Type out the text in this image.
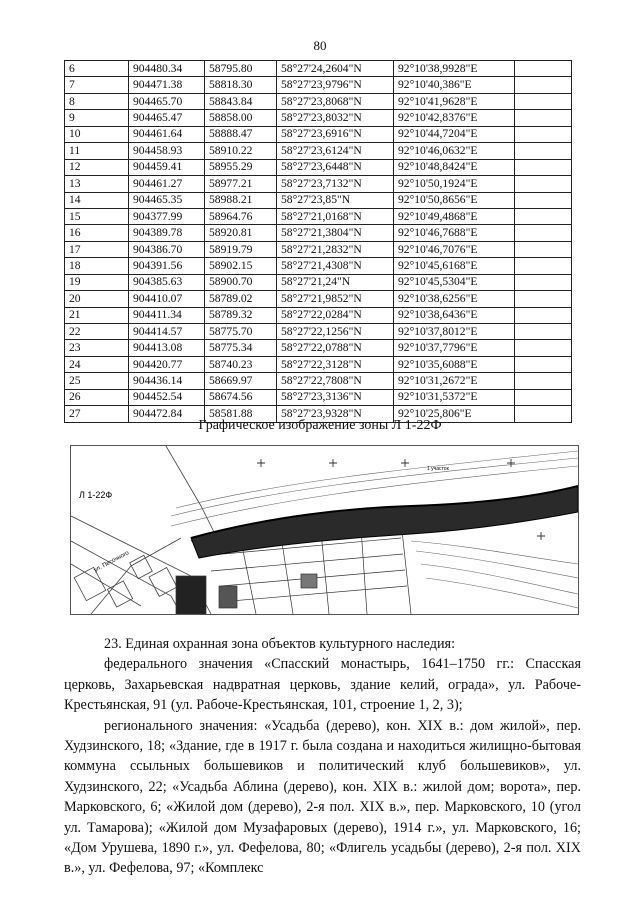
80
6	904480.34	58795.80	58°27'24,2604"N	92°10'38,9928"E	
7	904471.38	58818.30	58°27'23,9796"N	92°10'40,386"E	
8	904465.70	58843.84	58°27'23,8068"N	92°10'41,9628"E	
9	904465.47	58858.00	58°27'23,8032"N	92°10'42,8376"E	
10	904461.64	58888.47	58°27'23,6916"N	92°10'44,7204"E	
11	904458.93	58910.22	58°27'23,6124"N	92°10'46,0632"E	
12	904459.41	58955.29	58°27'23,6448"N	92°10'48,8424"E	
13	904461.27	58977.21	58°27'23,7132"N	92°10'50,1924"E	
14	904465.35	58988.21	58°27'23,85"N	92°10'50,8656"E	
15	904377.99	58964.76	58°27'21,0168"N	92°10'49,4868"E	
16	904389.78	58920.81	58°27'21,3804"N	92°10'46,7688"E	
17	904386.70	58919.79	58°27'21,2832"N	92°10'46,7076"E	
18	904391.56	58902.15	58°27'21,4308"N	92°10'45,6168"E	
19	904385.63	58900.70	58°27'21,24"N	92°10'45,5304"E	
20	904410.07	58789.02	58°27'21,9852"N	92°10'38,6256"E	
21	904411.34	58789.32	58°27'22,0284"N	92°10'38,6436"E	
22	904414.57	58775.70	58°27'22,1256"N	92°10'37,8012"E	
23	904413.08	58775.34	58°27'22,0788"N	92°10'37,7796"E	
24	904420.77	58740.23	58°27'22,3128"N	92°10'35,6088"E	
25	904436.14	58669.97	58°27'22,7808"N	92°10'31,2672"E	
26	904452.54	58674.56	58°27'23,3136"N	92°10'31,5372"E	
27	904472.84	58581.88	58°27'23,9328"N	92°10'25,806"E	
Графическое изображение зоны Л 1-22Ф
Л 1-22Ф
ул. Песочного
1 участок

23. Единая охранная зона объектов культурного наследия:

федерального значения «Спасский монастырь, 1641–1750 гг.: Спасская церковь, Захарьевская надвратная церковь, здание келий, ограда», ул. Рабоче-Крестьянская, 91 (ул. Рабоче-Крестьянская, 101, строение 1, 2, 3);

регионального значения: «Усадьба (дерево), кон. XIX в.: дом жилой», пер. Худзинского, 18; «Здание, где в 1917 г. была создана и находиться жилищно-бытовая коммуна ссыльных большевиков и политический клуб большевиков», ул. Худзинского, 22; «Усадьба Аблина (дерево), кон. XIX в.: жилой дом; ворота», пер. Марковского, 6; «Жилой дом (дерево), 2-я пол. XIX в.», пер. Марковского, 10 (угол ул. Тамарова); «Жилой дом Музафаровых (дерево), 1914 г.», ул. Марковского, 16; «Дом Урушева, 1890 г.», ул. Фефелова, 80; «Флигель усадьбы (дерево), 2-я пол. XIX в.», ул. Фефелова, 97; «Комплекс
